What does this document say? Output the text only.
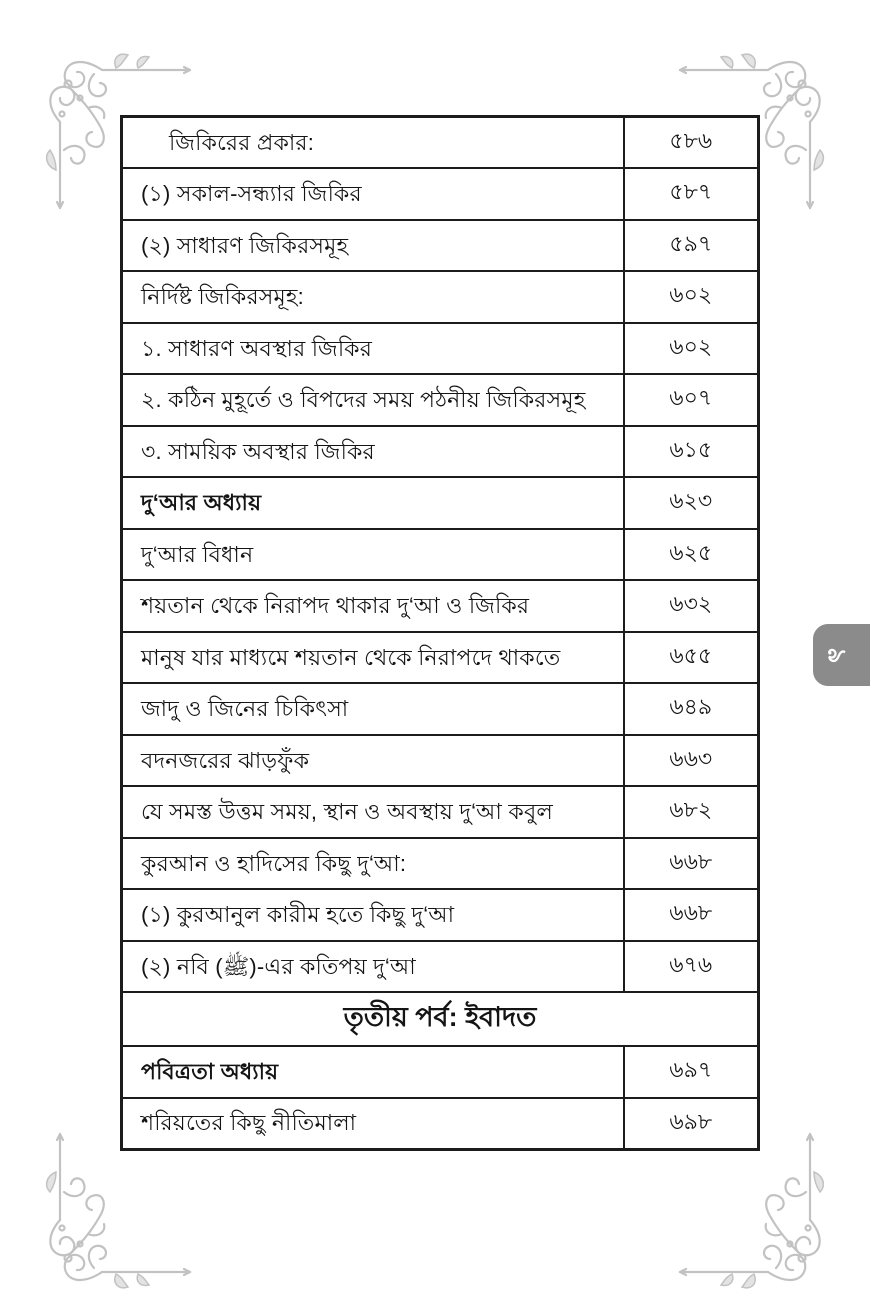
জিকিরের প্রকার:	৫৮৬
(১) সকাল-সন্ধ্যার জিকির	৫৮৭
(২) সাধারণ জিকিরসমূহ	৫৯৭
নির্দিষ্ট জিকিরসমূহ:	৬০২
১. সাধারণ অবস্থার জিকির	৬০২
২. কঠিন মুহূর্তে ও বিপদের সময় পঠনীয় জিকিরসমূহ	৬০৭
৩. সাময়িক অবস্থার জিকির	৬১৫
দু‘আর অধ্যায়	৬২৩
দু‘আর বিধান	৬২৫
শয়তান থেকে নিরাপদ থাকার দু‘আ ও জিকির	৬৩২
মানুষ যার মাধ্যমে শয়তান থেকে নিরাপদে থাকতে	৬৫৫
জাদু ও জিনের চিকিৎসা	৬৪৯
বদনজরের ঝাড়ফুঁক	৬৬৩
যে সমস্ত উত্তম সময়, স্থান ও অবস্থায় দু‘আ কবুল	৬৮২
কুরআন ও হাদিসের কিছু দু‘আ:	৬৬৮
(১) কুরআনুল কারীম হতে কিছু দু‘আ	৬৬৮
(২) নবি (ﷺ)-এর কতিপয় দু‘আ	৬৭৬
তৃতীয় পর্ব: ইবাদত	
পবিত্রতা অধ্যায়	৬৯৭
শরিয়তের কিছু নীতিমালা	৬৯৮
৯
